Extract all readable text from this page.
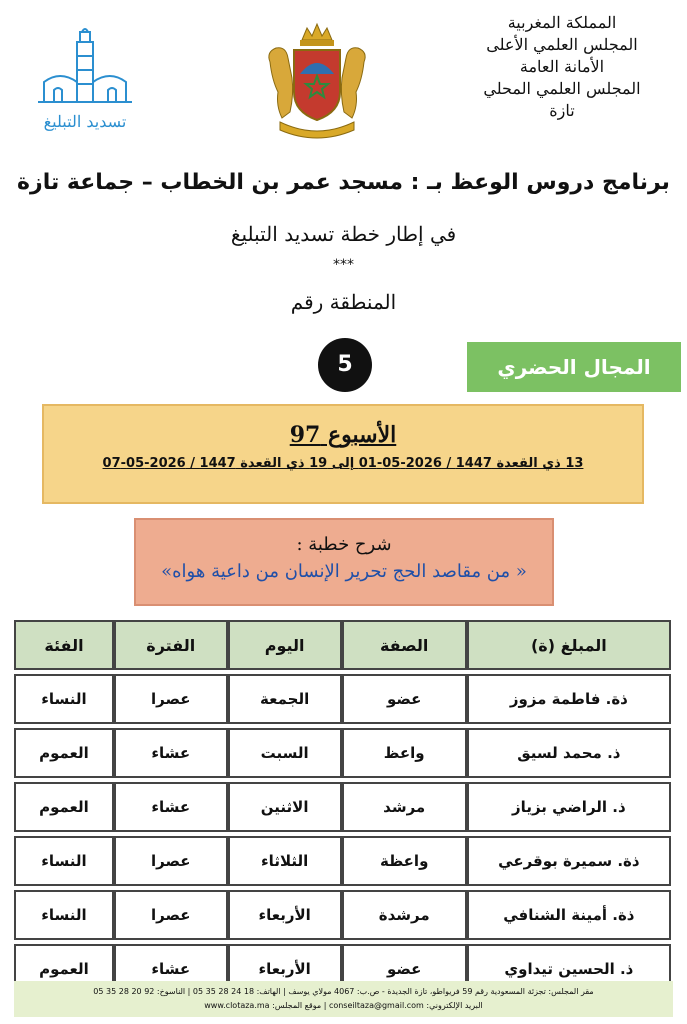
المملكة المغربية
المجلس العلمي الأعلى
الأمانة العامة
المجلس العلمي المحلي
تازة
تسديد التبليغ
برنامج دروس الوعظ بـ : مسجد عمر بن الخطاب – جماعة تازة
في إطار خطة تسديد التبليغ
***
المنطقة رقم
5	المجال الحضري
الأسبوع 97
13 ذي القعدة 1447 / 2026-05-01 إلى 19 ذي القعدة 1447 / 2026-05-07
شرح خطبة :
« من مقاصد الحج تحرير الإنسان من داعية هواه»
المبلغ (ة)	الصفة	اليوم	الفترة	الفئة

ذة. فاطمة مزوز	عضو	الجمعة	عصرا	النساء

ذ. محمد لسيق	واعظ	السبت	عشاء	العموم

ذ. الراضي بزياز	مرشد	الاثنين	عشاء	العموم

ذة. سميرة بوقرعي	واعظة	الثلاثاء	عصرا	النساء

ذة. أمينة الشنافي	مرشدة	الأربعاء	عصرا	النساء

ذ. الحسين تيداوي	عضو	الأربعاء	عشاء	العموم
مقر المجلس: تجزئة المسعودية رقم 59 فريواطو، تازة الجديدة - ص.ب: 4067 مولاي يوسف | الهاتف: 18 24 28 35 05 | الناسوخ: 92 20 28 35 05
البريد الإلكتروني: conseiltaza@gmail.com | موقع المجلس: www.clotaza.ma
